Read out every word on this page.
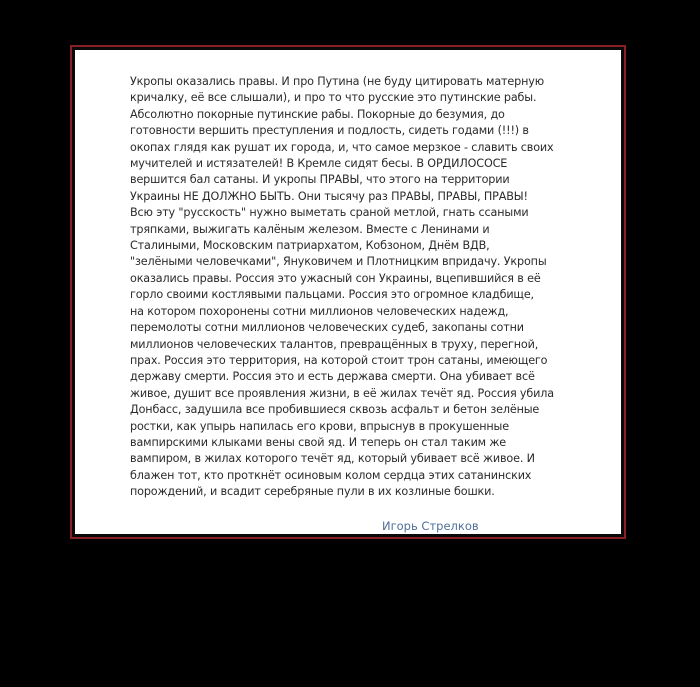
Укропы оказались правы. И про Путина (не буду цитировать матерную
кричалку, её все слышали), и про то что русские это путинские рабы.
Абсолютно покорные путинские рабы. Покорные до безумия, до
готовности вершить преступления и подлость, сидеть годами (!!!) в
окопах глядя как рушат их города, и, что самое мерзкое - славить своих
мучителей и истязателей! В Кремле сидят бесы. В ОРДИЛОСОСЕ
вершится бал сатаны. И укропы ПРАВЫ, что этого на территории
Украины НЕ ДОЛЖНО БЫТЬ. Они тысячу раз ПРАВЫ, ПРАВЫ, ПРАВЫ!
Всю эту "русскость" нужно выметать сраной метлой, гнать ссаными
тряпками, выжигать калёным железом. Вместе с Ленинами и
Сталиными, Московским патриархатом, Кобзоном, Днём ВДВ,
"зелёными человечками", Януковичем и Плотницким впридачу. Укропы
оказались правы. Россия это ужасный сон Украины, вцепившийся в её
горло своими костлявыми пальцами. Россия это огромное кладбище,
на котором похоронены сотни миллионов человеческих надежд,
перемолоты сотни миллионов человеческих судеб, закопаны сотни
миллионов человеческих талантов, превращённых в труху, перегной,
прах. Россия это территория, на которой стоит трон сатаны, имеющего
державу смерти. Россия это и есть держава смерти. Она убивает всё
живое, душит все проявления жизни, в её жилах течёт яд. Россия убила
Донбасс, задушила все пробившиеся сквозь асфальт и бетон зелёные
ростки, как упырь напилась его крови, впрыснув в прокушенные
вампирскими клыками вены свой яд. И теперь он стал таким же
вампиром, в жилах которого течёт яд, который убивает всё живое. И
блажен тот, кто проткнёт осиновым колом сердца этих сатанинских
порождений, и всадит серебряные пули в их козлиные бошки.

Игорь Стрелков
